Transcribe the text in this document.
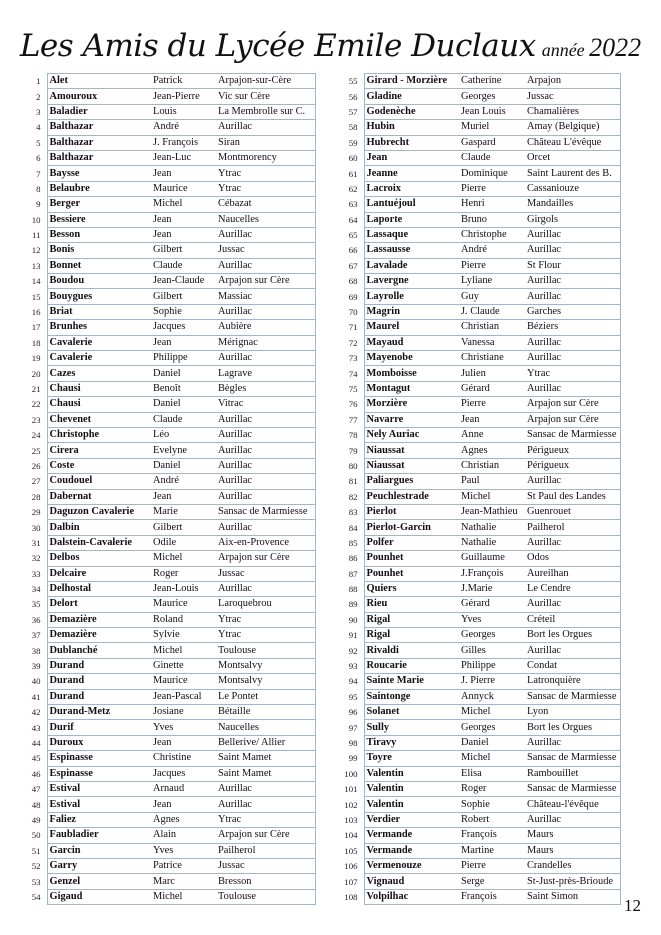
Les Amis du Lycée Emile Duclaux année 2022
1	Alet	Patrick	Arpajon-sur-Cère
2	Amouroux	Jean-Pierre	Vic sur Cère
3	Baladier	Louis	La Membrolle sur C.
4	Balthazar	André	Aurillac
5	Balthazar	J. François	Siran
6	Balthazar	Jean-Luc	Montmorency
7	Baysse	Jean	Ytrac
8	Belaubre	Maurice	Ytrac
9	Berger	Michel	Cébazat
10	Bessiere	Jean	Naucelles
11	Besson	Jean	Aurillac
12	Bonis	Gilbert	Jussac
13	Bonnet	Claude	Aurillac
14	Boudou	Jean-Claude	Arpajon sur Cère
15	Bouygues	Gilbert	Massiac
16	Briat	Sophie	Aurillac
17	Brunhes	Jacques	Aubière
18	Cavalerie	Jean	Mérignac
19	Cavalerie	Philippe	Aurillac
20	Cazes	Daniel	Lagrave
21	Chausi	Benoît	Bègles
22	Chausi	Daniel	Vitrac
23	Chevenet	Claude	Aurillac
24	Christophe	Léo	Aurillac
25	Cirera	Evelyne	Aurillac
26	Coste	Daniel	Aurillac
27	Coudouel	André	Aurillac
28	Dabernat	Jean	Aurillac
29	Daguzon Cavalerie	Marie	Sansac de Marmiesse
30	Dalbin	Gilbert	Aurillac
31	Dalstein-Cavalerie	Odile	Aix-en-Provence
32	Delbos	Michel	Arpajon sur Cère
33	Delcaire	Roger	Jussac
34	Delhostal	Jean-Louis	Aurillac
35	Delort	Maurice	Laroquebrou
36	Demazière	Roland	Ytrac
37	Demazière	Sylvie	Ytrac
38	Dublanché	Michel	Toulouse
39	Durand	Ginette	Montsalvy
40	Durand	Maurice	Montsalvy
41	Durand	Jean-Pascal	Le Pontet
42	Durand-Metz	Josiane	Bétaille
43	Durif	Yves	Naucelles
44	Duroux	Jean	Bellerive/ Allier
45	Espinasse	Christine	Saint Mamet
46	Espinasse	Jacques	Saint Mamet
47	Estival	Arnaud	Aurillac
48	Estival	Jean	Aurillac
49	Faliez	Agnes	Ytrac
50	Faubladier	Alain	Arpajon sur Cère
51	Garcin	Yves	Pailherol
52	Garry	Patrice	Jussac
53	Genzel	Marc	Bresson
54	Gigaud	Michel	Toulouse
55	Girard - Morzière	Catherine	Arpajon
56	Gladine	Georges	Jussac
57	Godenèche	Jean Louis	Chamalières
58	Hubin	Muriel	Amay (Belgique)
59	Hubrecht	Gaspard	Château L'évêque
60	Jean	Claude	Orcet
61	Jeanne	Dominique	Saint Laurent des B.
62	Lacroix	Pierre	Cassaniouze
63	Lantuéjoul	Henri	Mandailles
64	Laporte	Bruno	Girgols
65	Lassaque	Christophe	Aurillac
66	Lassausse	André	Aurillac
67	Lavalade	Pierre	St Flour
68	Lavergne	Lyliane	Aurillac
69	Layrolle	Guy	Aurillac
70	Magrin	J. Claude	Garches
71	Maurel	Christian	Béziers
72	Mayaud	Vanessa	Aurillac
73	Mayenobe	Christiane	Aurillac
74	Momboisse	Julien	Ytrac
75	Montagut	Gérard	Aurillac
76	Morzière	Pierre	Arpajon sur Cère
77	Navarre	Jean	Arpajon sur Cère
78	Nely Auriac	Anne	Sansac de Marmiesse
79	Niaussat	Agnes	Périgueux
80	Niaussat	Christian	Périgueux
81	Paliargues	Paul	Aurillac
82	Peuchlestrade	Michel	St Paul des Landes
83	Pierlot	Jean-Mathieu	Guenrouet
84	Pierlot-Garcin	Nathalie	Pailherol
85	Polfer	Nathalie	Aurillac
86	Pounhet	Guillaume	Odos
87	Pounhet	J.François	Aureilhan
88	Quiers	J.Marie	Le Cendre
89	Rieu	Gérard	Aurillac
90	Rigal	Yves	Créteil
91	Rigal	Georges	Bort les Orgues
92	Rivaldi	Gilles	Aurillac
93	Roucarie	Philippe	Condat
94	Sainte Marie	J. Pierre	Latronquière
95	Saintonge	Annyck	Sansac de Marmiesse
96	Solanet	Michel	Lyon
97	Sully	Georges	Bort les Orgues
98	Tiravy	Daniel	Aurillac
99	Toyre	Michel	Sansac de Marmiesse
100	Valentin	Elisa	Rambouillet
101	Valentin	Roger	Sansac de Marmiesse
102	Valentin	Sophie	Château-l'évêque
103	Verdier	Robert	Aurillac
104	Vermande	François	Maurs
105	Vermande	Martine	Maurs
106	Vermenouze	Pierre	Crandelles
107	Vignaud	Serge	St-Just-près-Brioude
108	Volpilhac	François	Saint Simon	12
